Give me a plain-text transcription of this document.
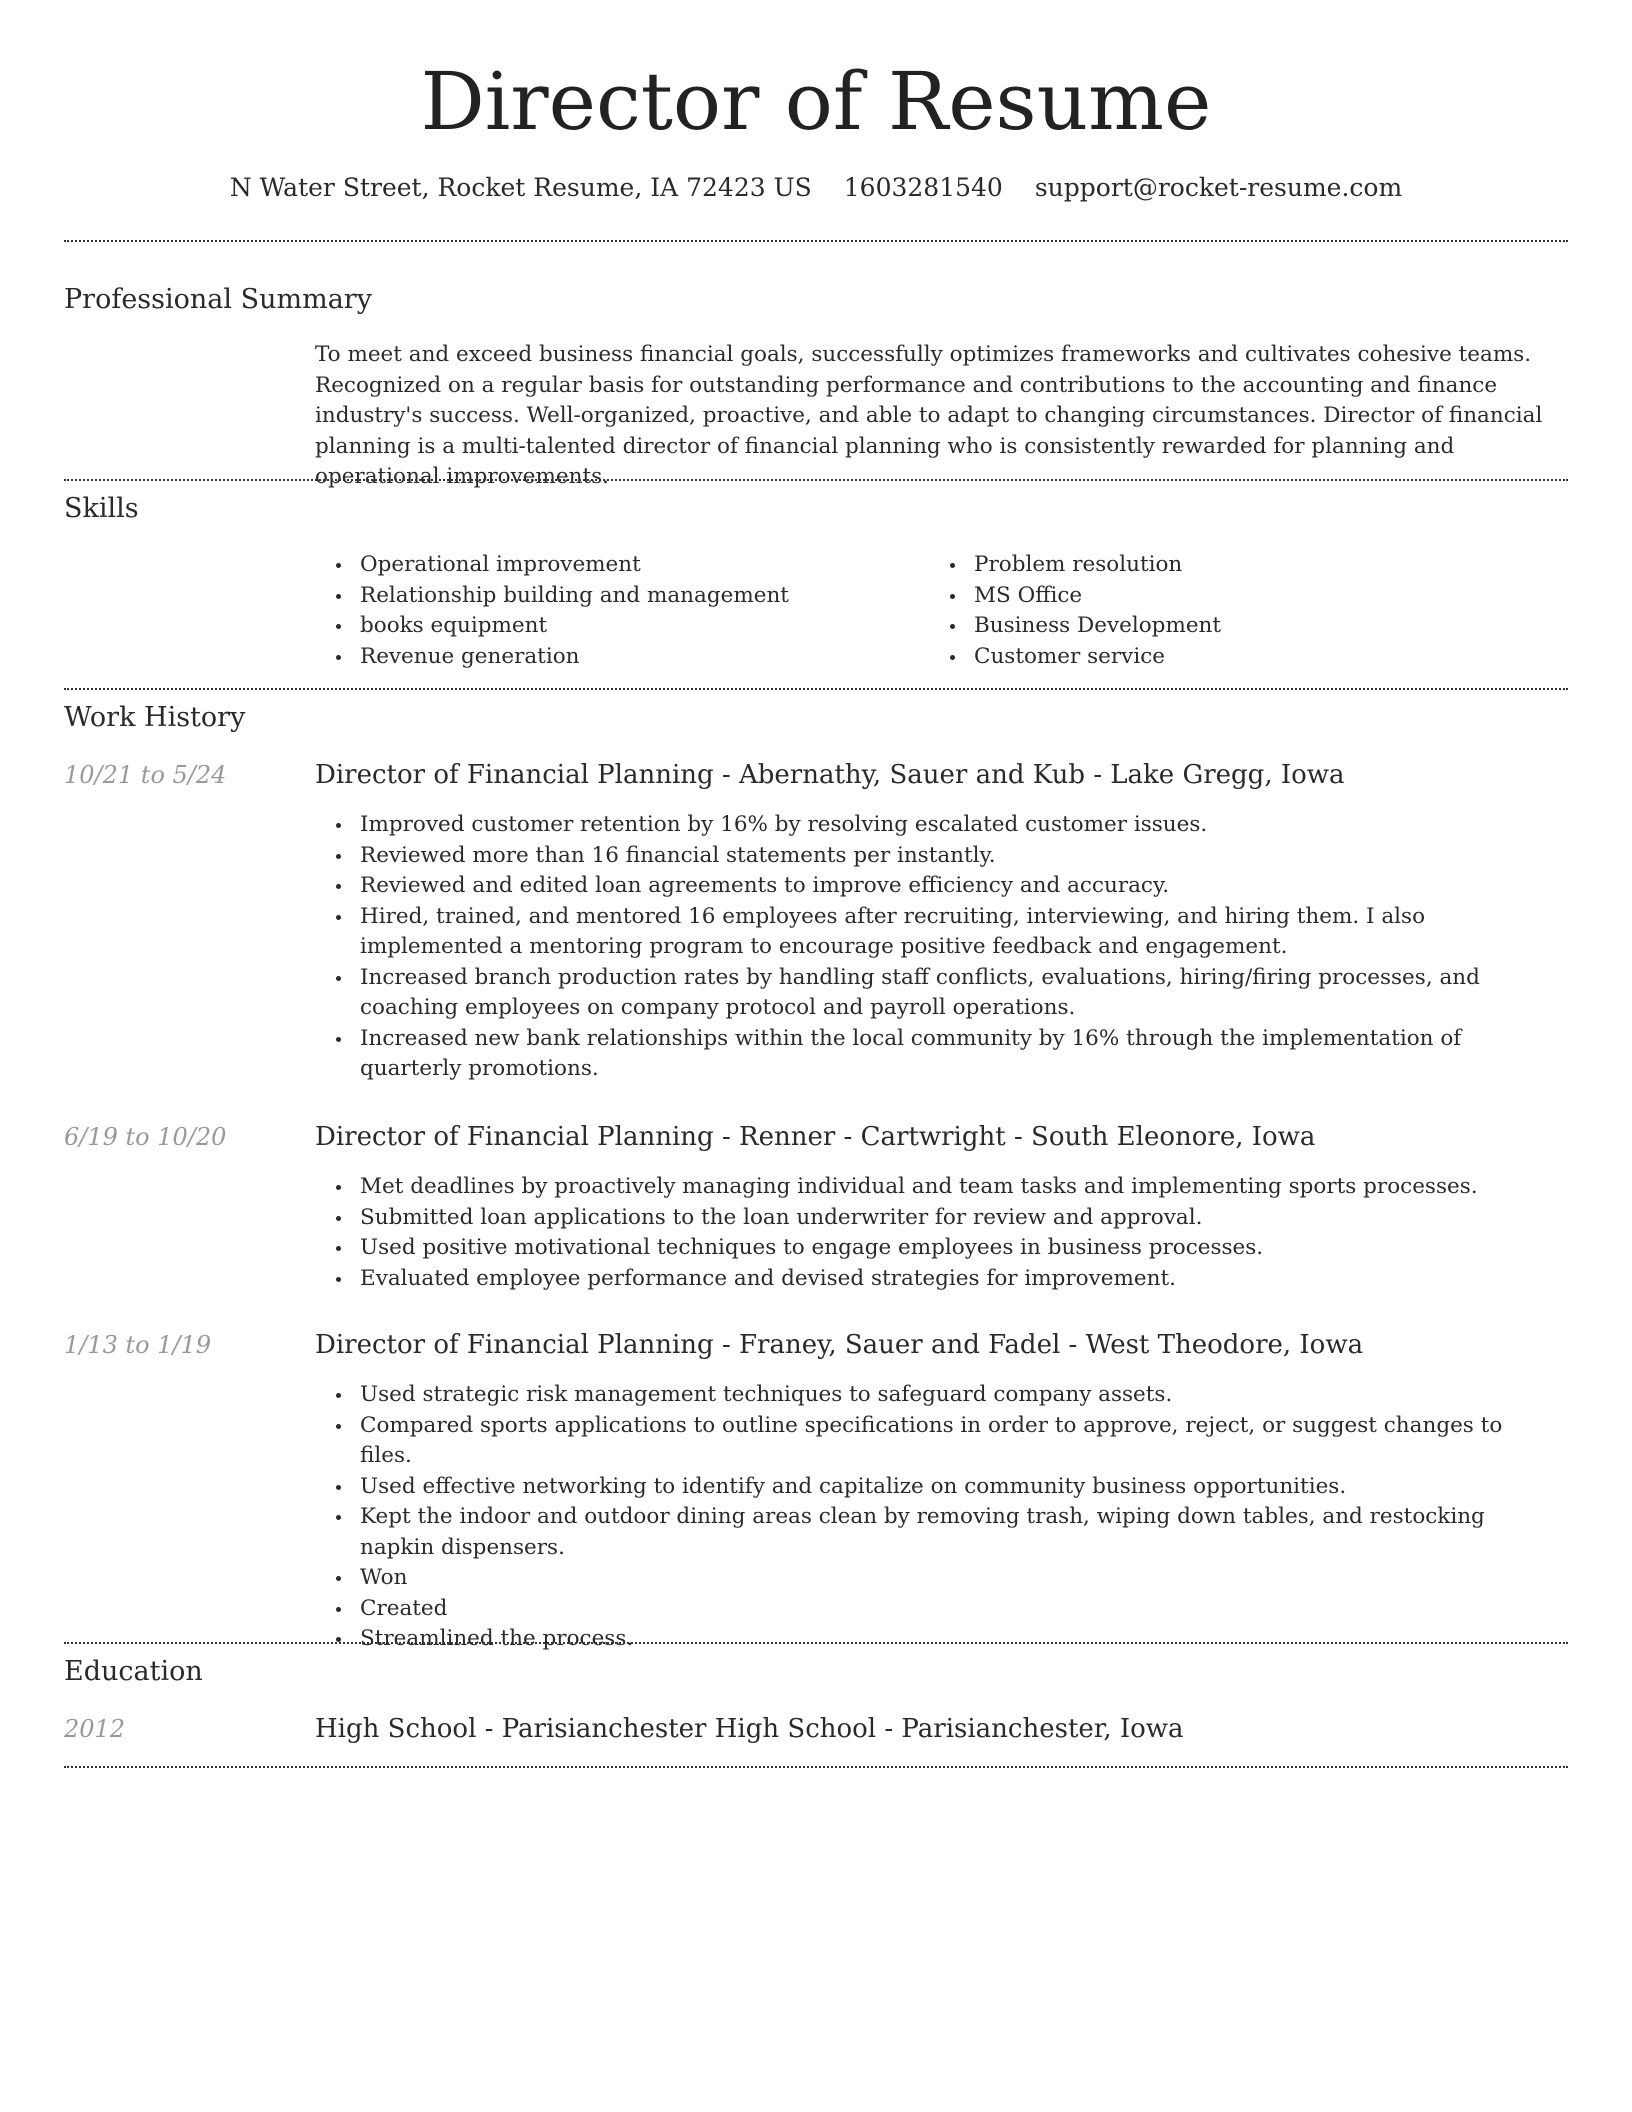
Director of Resume
N Water Street, Rocket Resume, IA 72423 US 1603281540 support@rocket-resume.com
Professional Summary
To meet and exceed business financial goals, successfully optimizes frameworks and cultivates cohesive teams. Recognized on a regular basis for outstanding performance and contributions to the accounting and finance industry's success. Well-organized, proactive, and able to adapt to changing circumstances. Director of financial planning is a multi-talented director of financial planning who is consistently rewarded for planning and operational improvements.
Skills
Operational improvement
Relationship building and management
books equipment
Revenue generation
Problem resolution
MS Office
Business Development
Customer service
Work History
10/21 to 5/24	Director of Financial Planning - Abernathy, Sauer and Kub - Lake Gregg, Iowa
Improved customer retention by 16% by resolving escalated customer issues.
Reviewed more than 16 financial statements per instantly.
Reviewed and edited loan agreements to improve efficiency and accuracy.
Hired, trained, and mentored 16 employees after recruiting, interviewing, and hiring them. I also implemented a mentoring program to encourage positive feedback and engagement.
Increased branch production rates by handling staff conflicts, evaluations, hiring/firing processes, and coaching employees on company protocol and payroll operations.
Increased new bank relationships within the local community by 16% through the implementation of quarterly promotions.
6/19 to 10/20	Director of Financial Planning - Renner - Cartwright - South Eleonore, Iowa
Met deadlines by proactively managing individual and team tasks and implementing sports processes.
Submitted loan applications to the loan underwriter for review and approval.
Used positive motivational techniques to engage employees in business processes.
Evaluated employee performance and devised strategies for improvement.
1/13 to 1/19	Director of Financial Planning - Franey, Sauer and Fadel - West Theodore, Iowa
Used strategic risk management techniques to safeguard company assets.
Compared sports applications to outline specifications in order to approve, reject, or suggest changes to files.
Used effective networking to identify and capitalize on community business opportunities.
Kept the indoor and outdoor dining areas clean by removing trash, wiping down tables, and restocking napkin dispensers.
Won
Created
Streamlined the process.
Education
2012	High School - Parisianchester High School - Parisianchester, Iowa
